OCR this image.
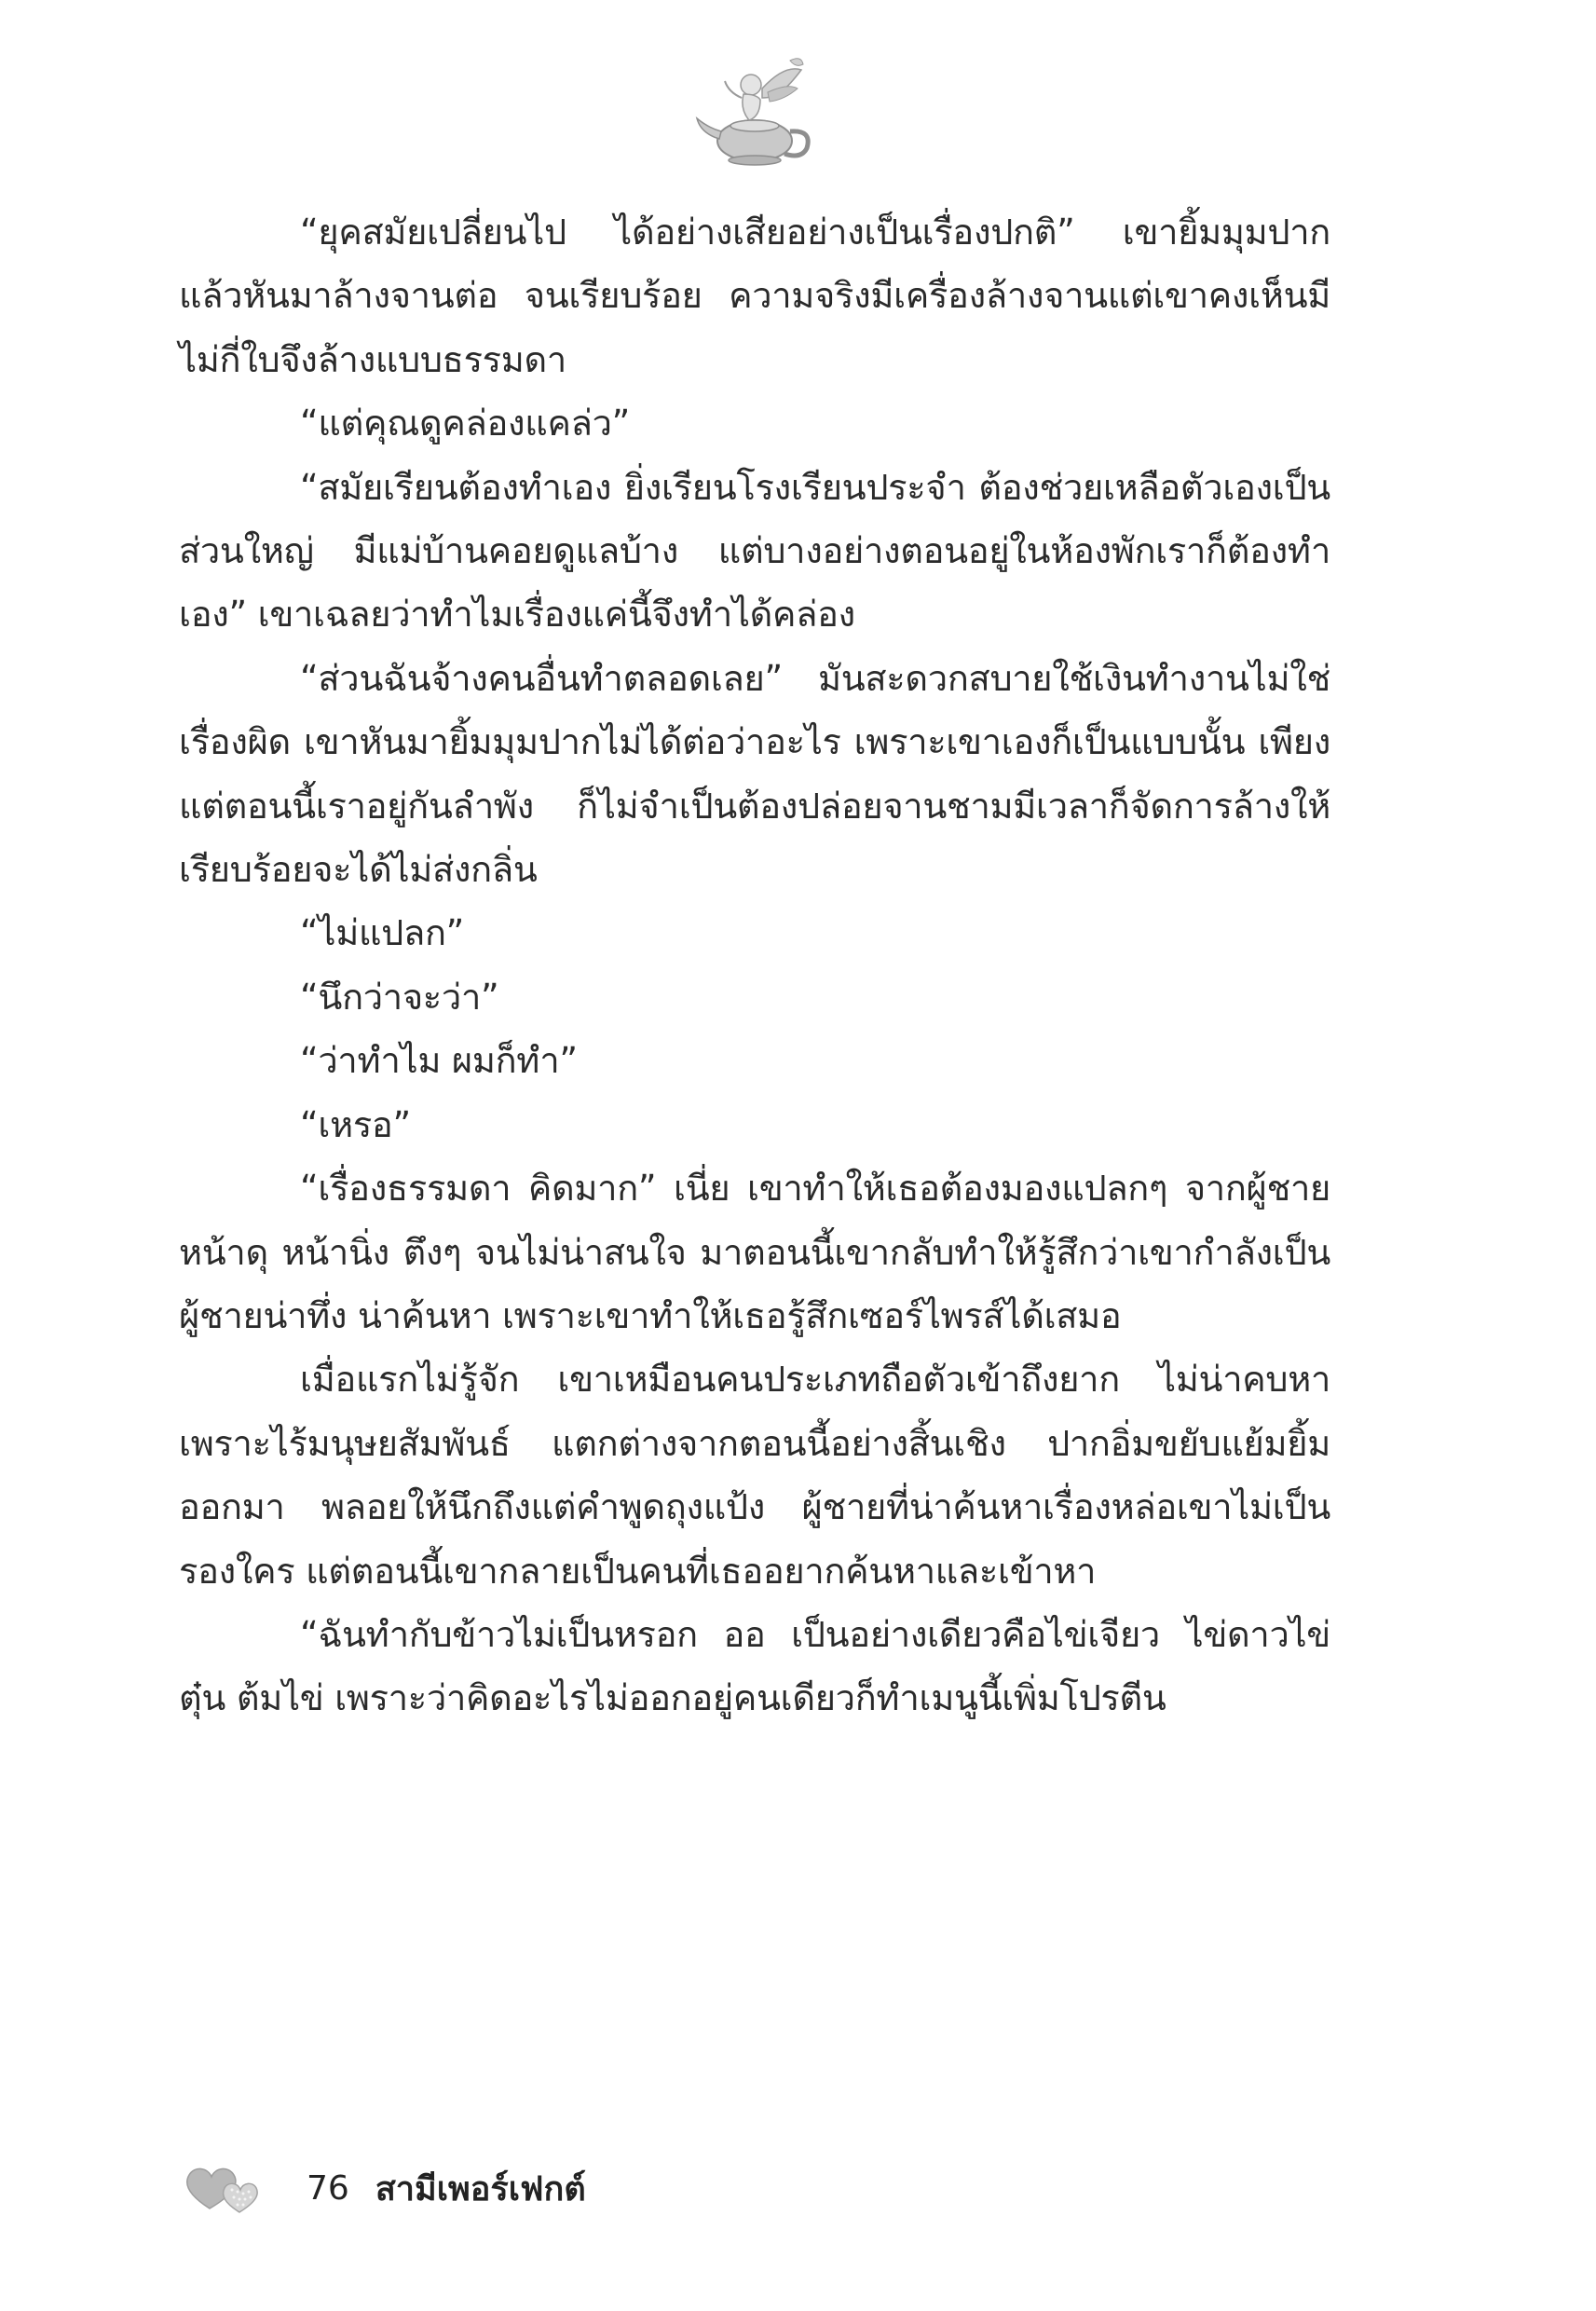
“ยุคสมัยเปลี่ยนไป ได้อย่างเสียอย่างเป็นเรื่องปกติ” เขายิ้มมุมปาก แล้วหันมาล้างจานต่อ จนเรียบร้อย ความจริงมีเครื่องล้างจานแต่เขาคงเห็นมีไม่กี่ใบจึงล้างแบบธรรมดา

“แต่คุณดูคล่องแคล่ว”

“สมัยเรียนต้องทำเอง ยิ่งเรียนโรงเรียนประจำ ต้องช่วยเหลือตัวเองเป็นส่วนใหญ่ มีแม่บ้านคอยดูแลบ้าง แต่บางอย่างตอนอยู่ในห้องพักเราก็ต้องทำเอง” เขาเฉลยว่าทำไมเรื่องแค่นี้จึงทำได้คล่อง

“ส่วนฉันจ้างคนอื่นทำตลอดเลย” มันสะดวกสบายใช้เงินทำงานไม่ใช่เรื่องผิด เขาหันมายิ้มมุมปากไม่ได้ต่อว่าอะไร เพราะเขาเองก็เป็นแบบนั้น เพียงแต่ตอนนี้เราอยู่กันลำพัง ก็ไม่จำเป็นต้องปล่อยจานชามมีเวลาก็จัดการล้างให้เรียบร้อยจะได้ไม่ส่งกลิ่น

“ไม่แปลก”

“นึกว่าจะว่า”

“ว่าทำไม ผมก็ทำ”

“เหรอ”

“เรื่องธรรมดา คิดมาก” เนี่ย เขาทำให้เธอต้องมองแปลกๆ จากผู้ชายหน้าดุ หน้านิ่ง ตึงๆ จนไม่น่าสนใจ มาตอนนี้เขากลับทำให้รู้สึกว่าเขากำลังเป็นผู้ชายน่าทึ่ง น่าค้นหา เพราะเขาทำให้เธอรู้สึกเซอร์ไพรส์ได้เสมอ

เมื่อแรกไม่รู้จัก เขาเหมือนคนประเภทถือตัวเข้าถึงยาก ไม่น่าคบหาเพราะไร้มนุษยสัมพันธ์ แตกต่างจากตอนนี้อย่างสิ้นเชิง ปากอิ่มขยับแย้มยิ้มออกมา พลอยให้นึกถึงแต่คำพูดถุงแป้ง ผู้ชายที่น่าค้นหาเรื่องหล่อเขาไม่เป็นรองใคร แต่ตอนนี้เขากลายเป็นคนที่เธออยากค้นหาและเข้าหา

“ฉันทำกับข้าวไม่เป็นหรอก ออ เป็นอย่างเดียวคือไข่เจียว ไข่ดาวไข่ตุ๋น ต้มไข่ เพราะว่าคิดอะไรไม่ออกอยู่คนเดียวก็ทำเมนูนี้เพิ่มโปรตีน

76 สามีเพอร์เฟกต์
